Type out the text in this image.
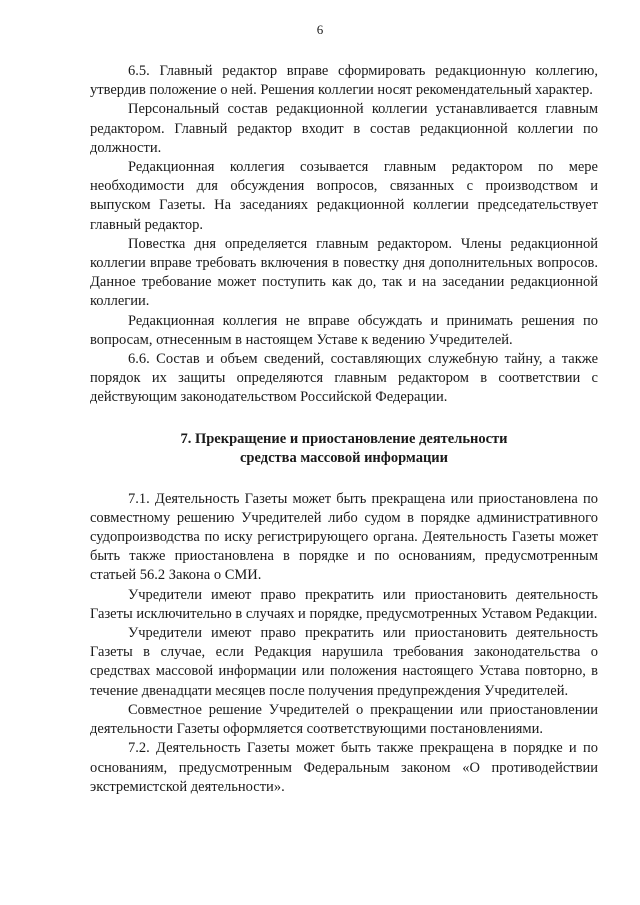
6

6.5. Главный редактор вправе сформировать редакционную коллегию, утвердив положение о ней. Решения коллегии носят рекомендательный характер.

Персональный состав редакционной коллегии устанавливается главным редактором. Главный редактор входит в состав редакционной коллегии по должности.

Редакционная коллегия созывается главным редактором по мере необходимости для обсуждения вопросов, связанных с производством и выпуском Газеты. На заседаниях редакционной коллегии председательствует главный редактор.

Повестка дня определяется главным редактором. Члены редакционной коллегии вправе требовать включения в повестку дня дополнительных вопросов. Данное требование может поступить как до, так и на заседании редакционной коллегии.

Редакционная коллегия не вправе обсуждать и принимать решения по вопросам, отнесенным в настоящем Уставе к ведению Учредителей.

6.6. Состав и объем сведений, составляющих служебную тайну, а также порядок их защиты определяются главным редактором в соответствии с действующим законодательством Российской Федерации.

7. Прекращение и приостановление деятельности
средства массовой информации

7.1. Деятельность Газеты может быть прекращена или приостановлена по совместному решению Учредителей либо судом в порядке административного судопроизводства по иску регистрирующего органа. Деятельность Газеты может быть также приостановлена в порядке и по основаниям, предусмотренным статьей 56.2 Закона о СМИ.

Учредители имеют право прекратить или приостановить деятельность Газеты исключительно в случаях и порядке, предусмотренных Уставом Редакции.

Учредители имеют право прекратить или приостановить деятельность Газеты в случае, если Редакция нарушила требования законодательства о средствах массовой информации или положения настоящего Устава повторно, в течение двенадцати месяцев после получения предупреждения Учредителей.

Совместное решение Учредителей о прекращении или приостановлении деятельности Газеты оформляется соответствующими постановлениями.

7.2. Деятельность Газеты может быть также прекращена в порядке и по основаниям, предусмотренным Федеральным законом «О противодействии экстремистской деятельности».
